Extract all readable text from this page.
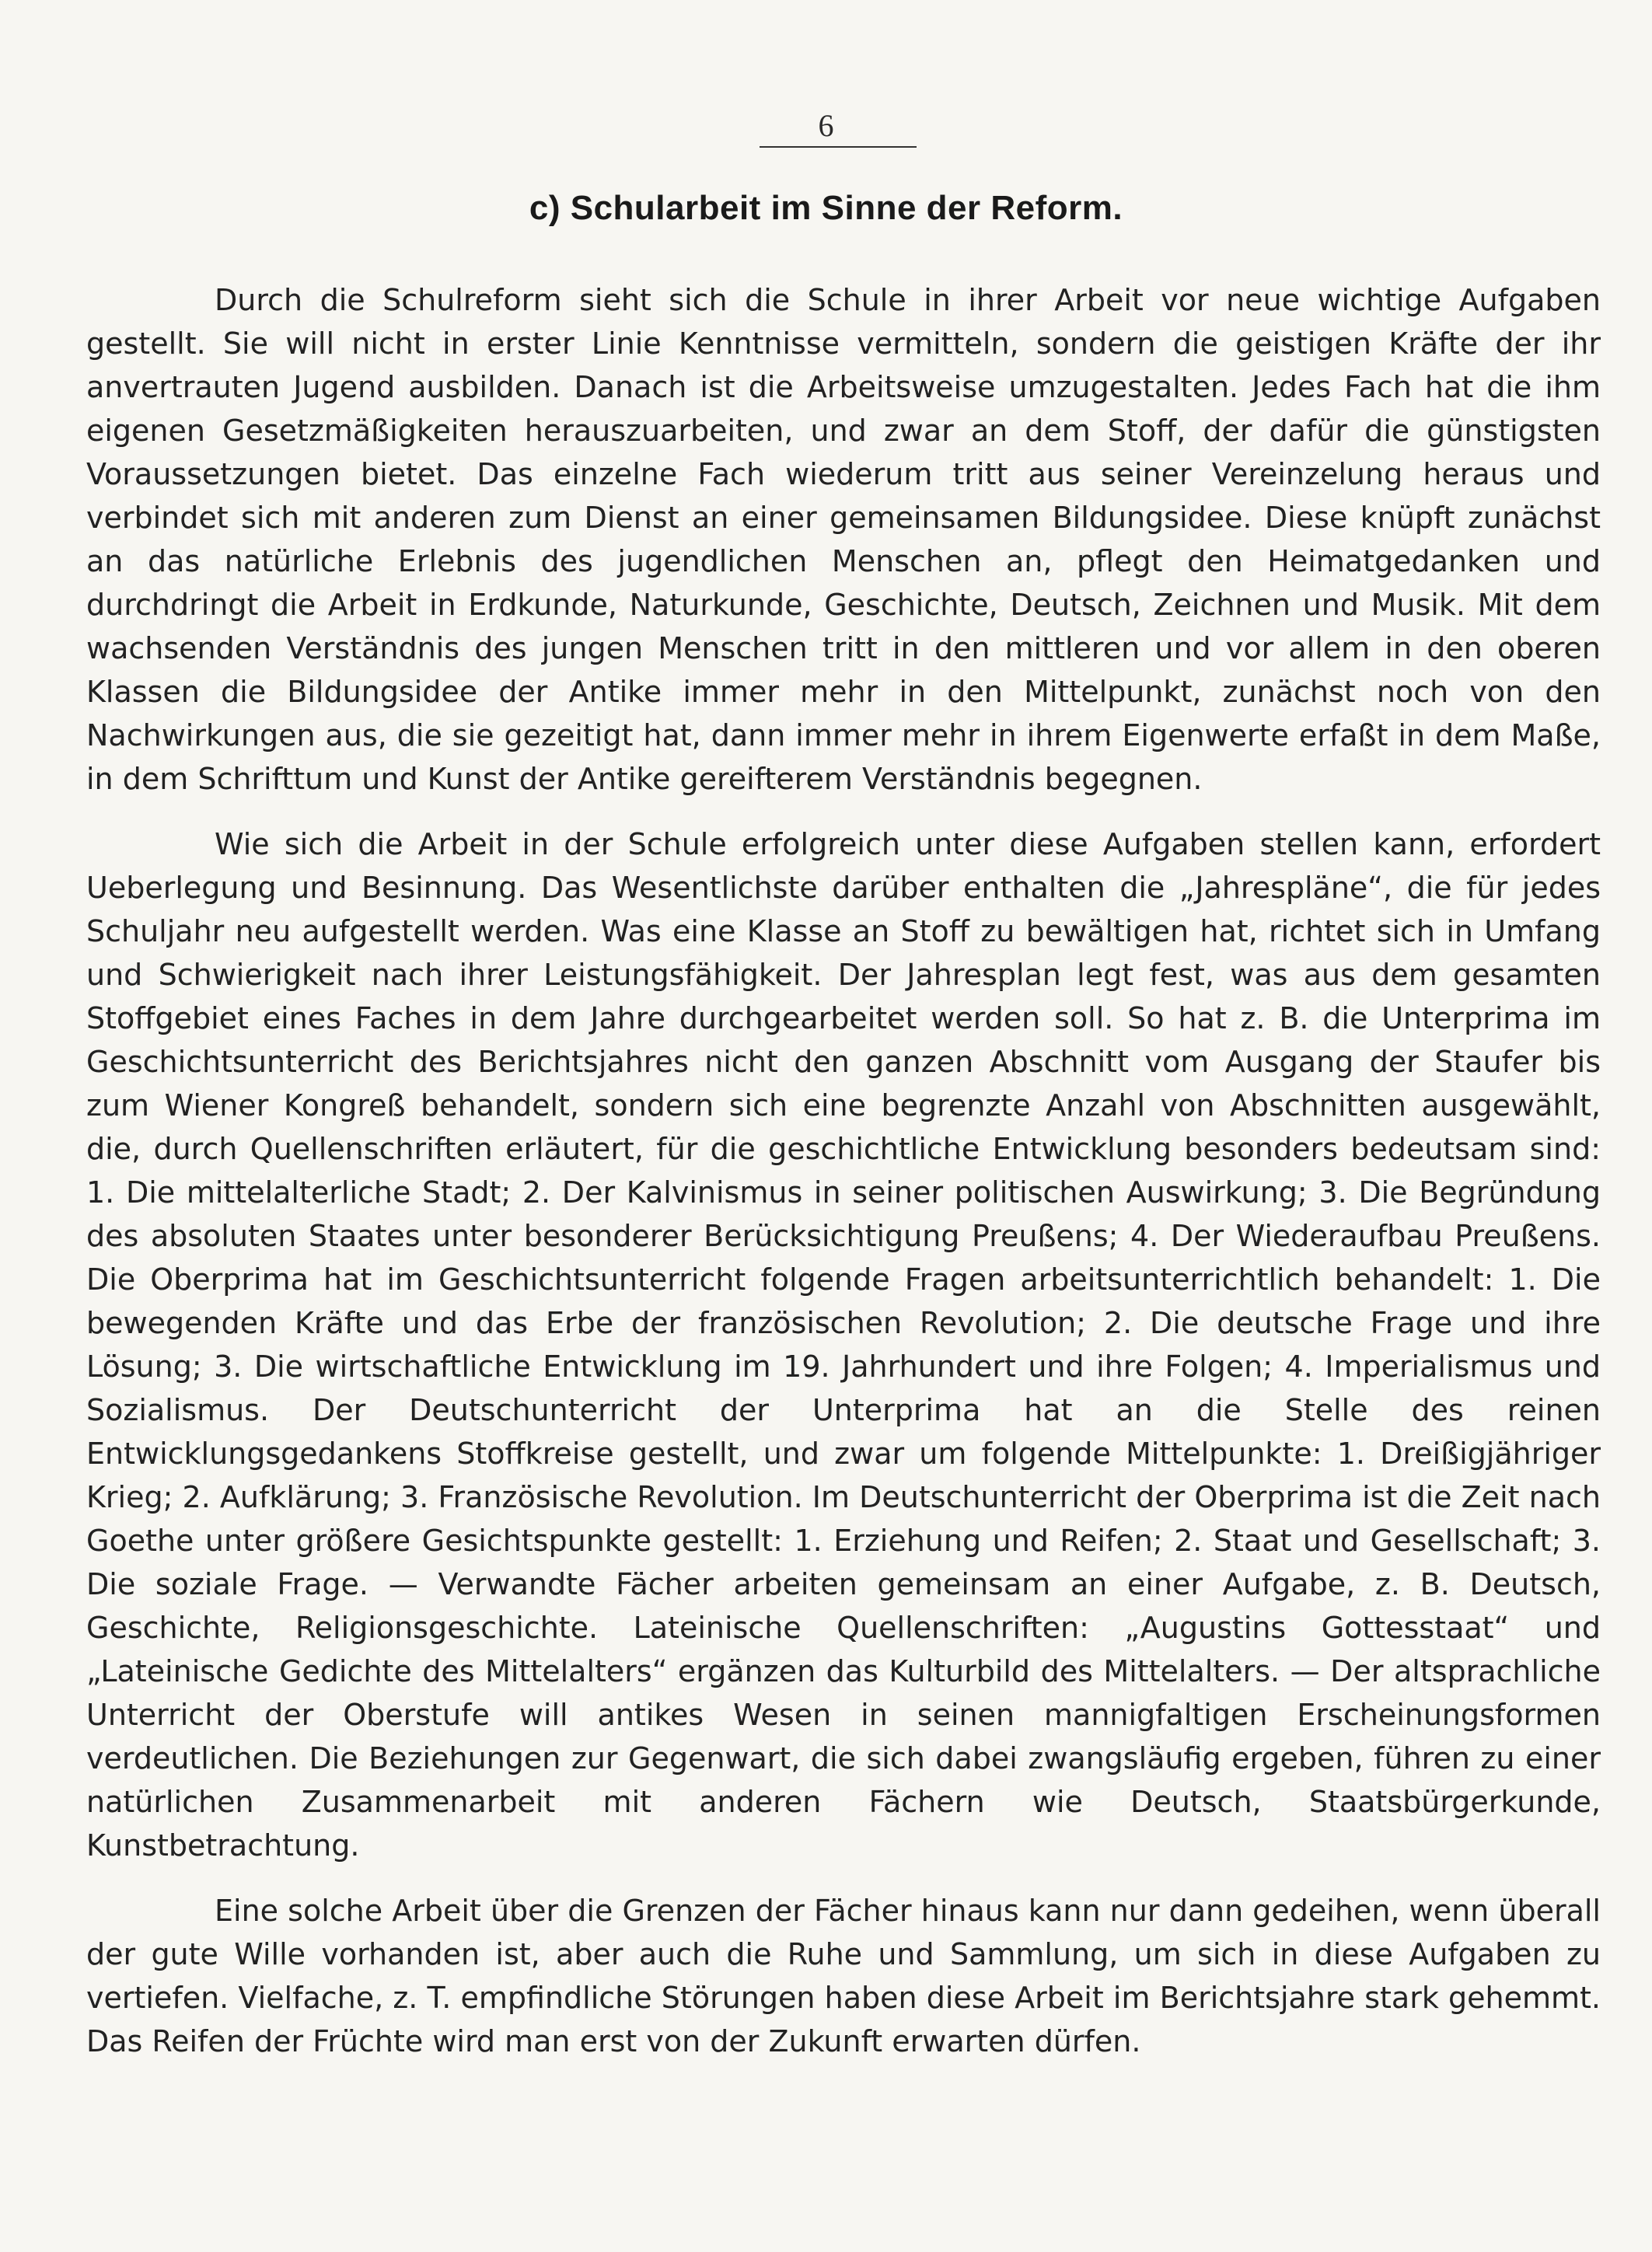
6
c) Schularbeit im Sinne der Reform.

Durch die Schulreform sieht sich die Schule in ihrer Arbeit vor neue wichtige Aufgaben gestellt. Sie will nicht in erster Linie Kenntnisse vermitteln, sondern die geistigen Kräfte der ihr anvertrauten Jugend ausbilden. Danach ist die Arbeitsweise umzugestalten. Jedes Fach hat die ihm eigenen Gesetzmäßigkeiten herauszuarbeiten, und zwar an dem Stoff, der dafür die günstigsten Voraussetzungen bietet. Das einzelne Fach wiederum tritt aus seiner Vereinzelung heraus und verbindet sich mit anderen zum Dienst an einer gemeinsamen Bildungsidee. Diese knüpft zunächst an das natürliche Erlebnis des jugendlichen Menschen an, pflegt den Heimatgedanken und durchdringt die Arbeit in Erdkunde, Naturkunde, Geschichte, Deutsch, Zeichnen und Musik. Mit dem wachsenden Verständnis des jungen Menschen tritt in den mittleren und vor allem in den oberen Klassen die Bildungsidee der Antike immer mehr in den Mittelpunkt, zunächst noch von den Nachwirkungen aus, die sie gezeitigt hat, dann immer mehr in ihrem Eigenwerte erfaßt in dem Maße, in dem Schrifttum und Kunst der Antike gereifterem Verständnis begegnen.

Wie sich die Arbeit in der Schule erfolgreich unter diese Aufgaben stellen kann, erfordert Ueberlegung und Besinnung. Das Wesentlichste darüber enthalten die „Jahrespläne“, die für jedes Schuljahr neu aufgestellt werden. Was eine Klasse an Stoff zu bewältigen hat, richtet sich in Umfang und Schwierigkeit nach ihrer Leistungsfähigkeit. Der Jahresplan legt fest, was aus dem gesamten Stoffgebiet eines Faches in dem Jahre durchgearbeitet werden soll. So hat z. B. die Unterprima im Geschichtsunterricht des Berichtsjahres nicht den ganzen Abschnitt vom Ausgang der Staufer bis zum Wiener Kongreß behandelt, sondern sich eine begrenzte Anzahl von Abschnitten ausgewählt, die, durch Quellenschriften erläutert, für die geschichtliche Entwicklung besonders bedeutsam sind: 1. Die mittelalterliche Stadt; 2. Der Kalvinismus in seiner politischen Auswirkung; 3. Die Begründung des absoluten Staates unter besonderer Berücksichtigung Preußens; 4. Der Wiederaufbau Preußens. Die Oberprima hat im Geschichtsunterricht folgende Fragen arbeitsunterrichtlich behandelt: 1. Die bewegenden Kräfte und das Erbe der französischen Revolution; 2. Die deutsche Frage und ihre Lösung; 3. Die wirtschaftliche Entwicklung im 19. Jahrhundert und ihre Folgen; 4. Imperialismus und Sozialismus. Der Deutschunterricht der Unterprima hat an die Stelle des reinen Entwicklungsgedankens Stoffkreise gestellt, und zwar um folgende Mittelpunkte: 1. Dreißigjähriger Krieg; 2. Aufklärung; 3. Französische Revolution. Im Deutschunterricht der Oberprima ist die Zeit nach Goethe unter größere Gesichtspunkte gestellt: 1. Erziehung und Reifen; 2. Staat und Gesellschaft; 3. Die soziale Frage. — Verwandte Fächer arbeiten gemeinsam an einer Aufgabe, z. B. Deutsch, Geschichte, Religionsgeschichte. Lateinische Quellenschriften: „Augustins Gottesstaat“ und „Lateinische Gedichte des Mittelalters“ ergänzen das Kulturbild des Mittelalters. — Der altsprachliche Unterricht der Oberstufe will antikes Wesen in seinen mannigfaltigen Erscheinungsformen verdeutlichen. Die Beziehungen zur Gegenwart, die sich dabei zwangsläufig ergeben, führen zu einer natürlichen Zusammenarbeit mit anderen Fächern wie Deutsch, Staatsbürgerkunde, Kunstbetrachtung.

Eine solche Arbeit über die Grenzen der Fächer hinaus kann nur dann gedeihen, wenn überall der gute Wille vorhanden ist, aber auch die Ruhe und Sammlung, um sich in diese Aufgaben zu vertiefen. Vielfache, z. T. empfindliche Störungen haben diese Arbeit im Berichtsjahre stark gehemmt. Das Reifen der Früchte wird man erst von der Zukunft erwarten dürfen.
